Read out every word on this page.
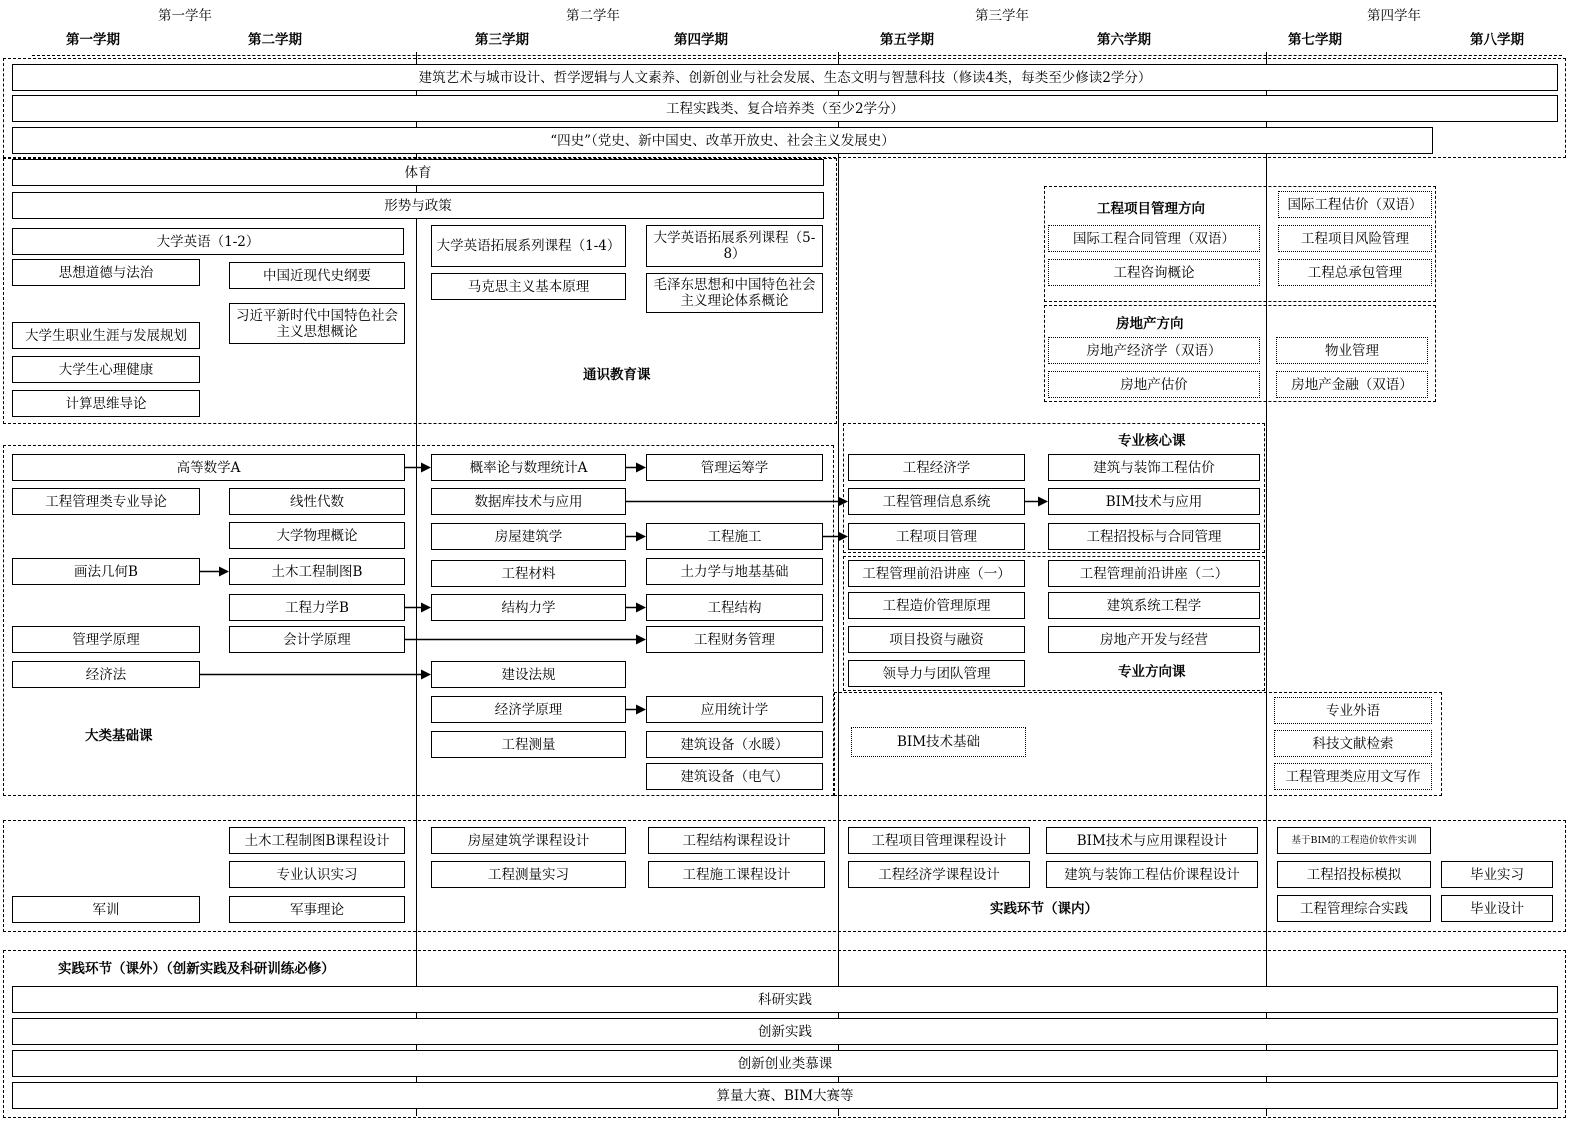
第一学年	第二学年	第三学年	第四学年
第一学期	第二学期	第三学期	第四学期	第五学期	第六学期	第七学期	第八学期
通识教育课
大类基础课
专业核心课
专业方向课
实践环节（课内）
实践环节（课外）（创新实践及科研训练必修）
工程项目管理方向
房地产方向
建筑艺术与城市设计、哲学逻辑与人文素养、创新创业与社会发展、生态文明与智慧科技（修读4类，每类至少修读2学分）
工程实践类、复合培养类（至少2学分）
“四史”（党史、新中国史、改革开放史、社会主义发展史）
体育
形势与政策
大学英语（1-2）
思想道德与法治	中国近现代史纲要
习近平新时代中国特色社会主义思想概论
大学生职业生涯与发展规划
大学生心理健康
计算思维导论
大学英语拓展系列课程（1-4）	大学英语拓展系列课程（5-8）
马克思主义基本原理	毛泽东思想和中国特色社会主义理论体系概论
国际工程合同管理（双语）
工程咨询概论
国际工程估价（双语）
工程项目风险管理
工程总承包管理
房地产经济学（双语）
房地产估价
物业管理
房地产金融（双语）
高等数学A
工程管理类专业导论	线性代数
大学物理概论
画法几何B	土木工程制图B
工程力学B
管理学原理	会计学原理
经济法
概率论与数理统计A	管理运筹学
数据库技术与应用
房屋建筑学	工程施工
工程材料	土力学与地基基础
结构力学	工程结构
工程财务管理
建设法规
经济学原理	应用统计学
工程测量	建筑设备（水暖）
建筑设备（电气）
工程经济学	建筑与装饰工程估价
工程管理信息系统	BIM技术与应用
工程项目管理	工程招投标与合同管理
工程管理前沿讲座（一）	工程管理前沿讲座（二）
工程造价管理原理	建筑系统工程学
项目投资与融资	房地产开发与经营
领导力与团队管理
BIM技术基础
专业外语
科技文献检索
工程管理类应用文写作
土木工程制图B课程设计
专业认识实习
军训	军事理论
房屋建筑学课程设计
工程测量实习
工程结构课程设计
工程施工课程设计
工程项目管理课程设计
工程经济学课程设计
BIM技术与应用课程设计
建筑与装饰工程估价课程设计
基于BIM的工程造价软件实训
工程招投标模拟
工程管理综合实践
毕业实习
毕业设计
科研实践
创新实践
创新创业类慕课
算量大赛、BIM大赛等
